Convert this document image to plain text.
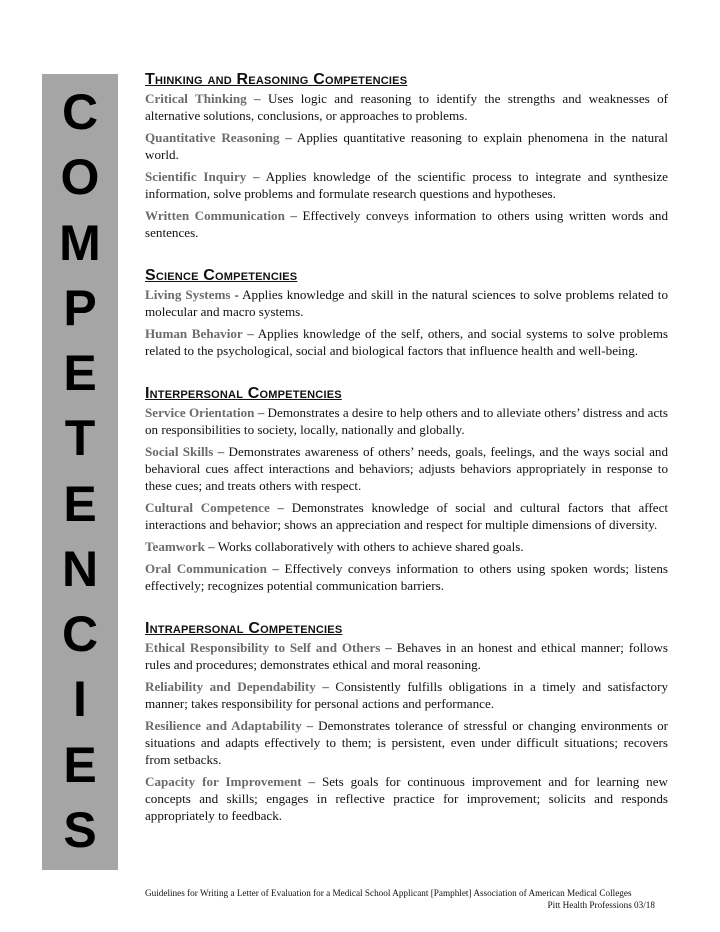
C
O
M
P
E
T
E
N
C
I
E
S
Thinking and Reasoning Competencies

Critical Thinking – Uses logic and reasoning to identify the strengths and weaknesses of alternative solutions, conclusions, or approaches to problems.

Quantitative Reasoning – Applies quantitative reasoning to explain phenomena in the natural world.

Scientific Inquiry – Applies knowledge of the scientific process to integrate and synthesize information, solve problems and formulate research questions and hypotheses.

Written Communication – Effectively conveys information to others using written words and sentences.

Science Competencies

Living Systems - Applies knowledge and skill in the natural sciences to solve problems related to molecular and macro systems.

Human Behavior – Applies knowledge of the self, others, and social systems to solve problems related to the psychological, social and biological factors that influence health and well-being.

Interpersonal Competencies

Service Orientation – Demonstrates a desire to help others and to alleviate others’ distress and acts on responsibilities to society, locally, nationally and globally.

Social Skills – Demonstrates awareness of others’ needs, goals, feelings, and the ways social and behavioral cues affect interactions and behaviors; adjusts behaviors appropriately in response to these cues; and treats others with respect.

Cultural Competence – Demonstrates knowledge of social and cultural factors that affect interactions and behavior; shows an appreciation and respect for multiple dimensions of diversity.

Teamwork – Works collaboratively with others to achieve shared goals.

Oral Communication – Effectively conveys information to others using spoken words; listens effectively; recognizes potential communication barriers.

Intrapersonal Competencies

Ethical Responsibility to Self and Others – Behaves in an honest and ethical manner; follows rules and procedures; demonstrates ethical and moral reasoning.

Reliability and Dependability – Consistently fulfills obligations in a timely and satisfactory manner; takes responsibility for personal actions and performance.

Resilience and Adaptability – Demonstrates tolerance of stressful or changing environments or situations and adapts effectively to them; is persistent, even under difficult situations; recovers from setbacks.

Capacity for Improvement – Sets goals for continuous improvement and for learning new concepts and skills; engages in reflective practice for improvement; solicits and responds appropriately to feedback.

Guidelines for Writing a Letter of Evaluation for a Medical School Applicant [Pamphlet] Association of American Medical Colleges
Pitt Health Professions 03/18
